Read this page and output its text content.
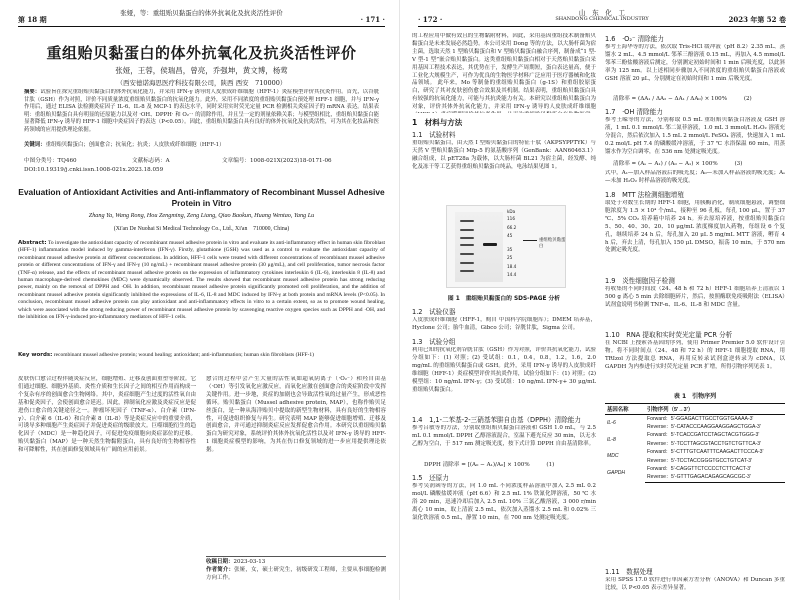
第 18 期
张娅，等：重组贻贝黏蛋白的体外抗氧化及抗炎活性评价
· 171 ·
重组贻贝黏蛋白的体外抗氧化及抗炎活性评价
张娅，王蓉，侯瑞昌，曾亮，乔强坤，黄文博，杨莺
（西安德诺海思医疗科技有限公司，陕西 西安　710000）
摘要：试验旨在探究重组贻贝黏蛋白的体外抗氧化能力，并采用 IFN-γ 诱导的人皮肤成纤维细胞（HFF-1）炎症模型评价其抗炎作用。首先，以谷胱甘肽（GSH）作为对照，评价不同质量浓度重组贻贝黏蛋白的抗氧化能力。此外，采用不同浓度的重组贻贝黏蛋白预处理 HFF-1 细胞，并与 IFN-γ 作用后，通过 ELISA 法检测炎症因子 IL-6、IL-8 及 MCP-1 的表达水平，同时采用实时荧光定量 PCR 检测相关炎症因子的 mRNA 表达。结果表明：重组贻贝黏蛋白具有明显的还原能力以及对 ·OH、DPPH· 和 O₂⁻· 的清除作用，并且呈一定的剂量依赖关系；与模型组相比，重组贻贝黏蛋白能显著降低 IFN-γ 诱导的 HFF-1 细胞中炎症因子的表达（P<0.05）。因此，重组贻贝黏蛋白具有良好的体外抗氧化及抗炎活性，可为其在化妆品和医药领域的应用提供理论依据。
关键词：重组贻贝黏蛋白；创面愈合；抗氧化；抗炎；人皮肤成纤维细胞（HFF-1）
中图分类号：TQ460	文献标志码：A	文章编号：1008-021X(2023)18-0171-06
DOI:10.19319/j.cnki.issn.1008-021x.2023.18.059
Evaluation of Antioxidant Activities and Anti-inflammatory of Recombinant Mussel Adhesive Protein in Vitro
Zhang Ya, Wang Rong, Hou Zengming, Zeng Liang, Qiao Baokun, Huang Wentao, Yang Lu
(Xi'an De Nuohai Si Medical Technology Co., Ltd., Xi'an　710000, China)
Abstract: To investigate the antioxidant capacity of recombinant mussel adhesive protein in vitro and evaluate its anti-inflammatory effect in human skin fibroblast (HFF-1) inflammation model induced by gamma-interferon (IFN-γ). Firstly, glutathione (GSH) was used as a control to evaluate the antioxidant capacity of recombinant mussel adhesive protein at different concentrations. In addition, HFF-1 cells were treated with different concentrations of recombinant mussel adhesive protein or different concentrations of IFN-γ and IFN-γ (10 ng/mL) + recombinant mussel adhesive protein (30 μg/mL), and cell proliferation, tumor necrosis factor (TNF-α) release, and the effects of recombinant mussel adhesive protein on the expression of inflammatory cytokines interleukin 6 (IL-6), interleukin 8 (IL-8) and human macrophage-derived chemokines (MDC) were dynamically observed. The results showed that recombinant mussel adhesive protein has strong reducing power, mainly on the removal of DPPH and ·OH. In addition, recombinant mussel adhesive protein significantly promoted cell proliferation, and the addition of recombinant mussel adhesive protein significantly inhibited the expressions of IL-6, IL-8 and MDC induced by IFN-γ at both protein and mRNA levels (P<0.05). In conclusion, recombinant mussel adhesive protein can play antioxidant and anti-inflammatory effects in vitro to a certain extent, so as to promote wound healing, which were associated with the strong reducing power of recombinant mussel adhesive protein by scavenging reactive oxygen species such as DPPH and ·OH, and the inhibition on IFN-γ-induced pro-inflammatory mediators of HFF-1 cells.
Key words: recombinant mussel adhesive protein; wound healing; antioxidant; anti-inflammation; human skin fibroblasts (HFF-1)
皮肤伤口愈合过程伴随炎症反应，细胞增殖、迁移及创面重塑等阶段。它们通过细胞、细胞外基质、炎性介质和生长因子之间的相互作用而构成一个复杂有序的创面愈合生物网络。其中，炎症细胞产生过度的活性氧自由基和促炎因子，会使创面愈合延迟。因此，抑制氧化应激及炎症反应是促进伤口愈合的关键途径之一。肿瘤坏死因子（TNF-α）、白介素（IFN-γ）、白介素 6（IL-6）和白介素 8（IL-8）等是炎症反应中的重要介质，可诱导多种细胞产生炎症因子并促进炎症的级联放大。巨噬细胞衍生的趋化因子（MDC）是一种趋化因子，可促进免疫细胞向炎症部位的迁移。贻贝黏蛋白（MAP）是一种天然生物黏附蛋白，具有良好的生物相容性和可降解性，其在创面修复领域具有广阔的应用前景。
愈合的过程中会产生大量的活性氧如超氧阴离子（·O₂⁻）和羟自由基（·OH）等引发氧化应激反应，而氧化应激在创面愈合的炎症阶段中发挥关键作用。进一步地，炎症的加剧也会导致活性氧的过量产生，形成恶性循环。贻贝黏蛋白（Mussel adhesive protein, MAP），也称作贻贝足丝蛋白，是一种从海洋贻贝中提取的新型生物材料，具有良好的生物相容性，可促进组织修复与再生。研究表明 MAP 能够促进细胞增殖、迁移及创面愈合，并可通过抑制炎症反应发挥促愈合作用。本研究以重组贻贝黏蛋白为研究对象，系统评价其体外抗氧化活性以及对 IFN-γ 诱导的 HFF-1 细胞炎症模型的影响，为其在伤口修复领域的进一步应用提供理论依据。
收稿日期：2023-03-13
作者简介：张娅，女，硕士研究生，初级研发工程师，主要从事细胞检测方向工作。
· 172 ·
山　东　化　工
SHANDONG CHEMICAL INDUSTRY	2023 年第 52 卷
的工程应用中做有效且的生物黏附材料，因此，采用基因重组技术制备贻贝黏蛋白是未来发展必然趋势。本公司采用 Dong 等的方法，以大肠杆菌为宿主菌，选取天然 1 型贻贝黏蛋白和 V 型贻贝黏蛋白融合序列，制备成“1 型-V 型-1 型”嵌合贻贝黏蛋白。这类重组贻贝黏蛋白相对于天然贻贝黏蛋白采用基因工程技术表达，其优势在于，发酵生产周期短，蛋白表达量高，便于工业化大规模生产，可作为优良的生物医学材料广泛应用于医疗器械和化妆品领域。 此年来，Mo 等制备的重组贻贝黏蛋白（g-1S）和重组胶原蛋白，研究了其对皮肤创伤愈合效果及其机制。结果表明，重组贻贝黏蛋白具有较强的抗氧化能力，可能与其抗炎能力有关。本研究以重组贻贝黏蛋白为对象，评价其体外抗氧化能力，并采用 IFN-γ 诱导的人皮肤成纤维细胞
1　材料与方法
1.1　试验材料
重组贻贝黏蛋白，由天然 I 型贻贝黏蛋白的特征十肽（AKPSYPPTYK）与天然 V 型贻贝黏蛋白 Mfp-5 的氨基酸序列（GenBank：AAN60463.1）融合组成，以 pET28a 为载体，以大肠杆菌 BL21 为宿主菌，经发酵、纯化及冻干等工艺获得重组贻贝黏蛋白纯品，电泳结果见图 1。
kDa
116
66.2
45
35
25
18.4
14.4
重组贻贝黏蛋白
图 1　重组贻贝黏蛋白的 SDS-PAGE 分析
1.2　试验仪器
人皮肤成纤维细胞（HFF-1，购自 中国科学院细胞库）；DMEM 培养基，Hyclone 公司；胎牛血清，Gibco 公司；谷胱甘肽，Sigma 公司。
1.3　试验分组
利用已知的抗氧化剂谷胱甘肽（GSH）作为对照，评价其抗氧化能力，试验分组如下：(1) 对照；(2) 受试组：0.1，0.4，0.8，1.2，1.6，2.0 mg/mL 的重组贻贝黏蛋白或 GSH。此外，采用 IFN-γ 诱导的人皮肤成纤维细胞（HFF-1）炎症模型评价其抗炎作用，试验分组如下：(1) 对照；(2) 模型组：10 ng/mL IFN-γ；(3) 受试组：10 ng/mL IFN-γ+ 30 μg/mL 重组贻贝黏蛋白。
1.4　1,1-二苯基-2-三硝基苯肼自由基（DPPH）清除能力
参考吕敏等的方法，分别取重组贻贝黏蛋白溶液和 GSH 1.0 mL，与 2.5 mL 0.1 mmol/L DPPH 乙醇溶液混合，室温下避光反应 30 min，以无水乙醇为空白，于 517 nm 测定吸光度，按下式计算 DPPH 自由基清除率。
DPPH 清除率 = [(A₀ − A₁)/A₀] × 100%　　　(1)
1.5　还原力
参考吴润函等的方法，向 1.0 mL 不同浓度样品溶液中加入 2.5 mL 0.2 mol/L 磷酸盐缓冲液（pH 6.6）和 2.5 mL 1% 铁氰化钾溶液，50 ℃ 水浴 20 min，迅速冷却后加入 2.5 mL 10% 三氯乙酸溶液，3 000 r/min 离心 10 min，取上清液 2.5 mL，依次加入蒸馏水 2.5 mL 和 0.02% 三氯化铁溶液 0.5 mL，静置 10 min，在 700 nm 处测定吸光度。
1.6　·O₂⁻ 清除能力
参考王海华等的方法，依次取 Tris-HCl 缓冲液（pH 8.2）2.35 mL、蒸馏水 2 mL、4.5 mmol/L 邻苯三酚溶液 0.15 mL，再加入 4.5 mmol/L 邻苯三酚盐酸溶液后测定，分别测定初始时间和 1 min 后吸光度，以此斜率为 125 nm。以上述相同步骤加入不同浓度的重组贻贝黏蛋白溶液或 GSH 溶液 20 μL，分别测定在初始时间和 1 min 后吸光度。
清除率 = (ΔA₁ / ΔA₂ − ΔA₁ / ΔA₀) × 100%　　　(2)
1.7　·OH 清除能力
参考王嵘等的方法，分别称取 0.5 mL 重组贻贝黏蛋白溶液及 GSH 溶液，1 mL 0.1 mmol/L 邻二氮菲溶液，1.0 mL 3 mmol/L H₂O₂ 溶液充分混合，然后依次加入 1.5 mL 2 mmol/L FeSO₄ 溶液，快速加入 1 mL 0.2 mol/L pH 7.4 的磷酸缓冲溶液，于 37 ℃ 水浴保温 60 min，用蒸馏水作为空白调零，在 536 nm 处测定吸光度。
清除率 = (Aₛ − A₁) / (A₀ − A₁) × 100%　　　(3)
式中，A₁—加入样品溶液后的吸光度；A₀—未加入样品溶液的吸光度；Aₛ—未加 H₂O₂ 时样品溶液的吸光度。
1.8　MTT 法检测细胞增殖
取处于对数生长期的 HFF-1 细胞，用胰酶消化，制成细胞悬液，调整细胞浓度为 1.5 × 10⁴ 个/mL，接种至 96 孔板，每孔 100 μL，置于 37 ℃、5% CO₂ 培养箱中培养 24 h。弃去原培养液，按重组贻贝黏蛋白 5、50、40、30、20、10 μg/mL 浓度梯度加入药物，每组设 6 个复孔，继续培养 24 h 后，每孔加入 20 μL 5 mg/mL MTT 溶液，孵育 4 h 后，弃去上清，每孔加入 150 μL DMSO，振荡 10 min，于 570 nm 处测定吸光度。
1.9　炎性细胞因子检测
将收集的不同时间段（24、48 h 和 72 h）HFF-1 细胞培养上清液以 1 500 g 离心 5 min 去除细胞碎片，然后，按照酶联免疫吸附法（ELISA）试剂盒说明书检测 TNF-α、IL-6、IL-8 和 MDC 含量。
1.10　RNA 提取和实时荧光定量 PCR 分析
在 NCBI 上搜索各基因的序列，使用 Primer Premier 5.0 软件设计引物。将不同时间点（24、48 和 72 h）的 HFF-1 细胞提取 RNA，用 TRIzol 方法提取总 RNA，再用反转录试剂盒逆转录为 cDNA，以 GAPDH 为内参进行实时荧光定量 PCR 扩增，所得引物序列见表 1。
表 1　引物序列
基因名称	引物序列（5'→3'）
IL-6	Forward：5'-GGAGACTTGCCTGGTGAAAA-3'
	Reverse：5'-CATACCCAAGGAAGGAGCTGGA-3'
IL-8	Forward：5'-TCACCGATCCTAGCTACGTGGG-3'
	Reverse：5'-TCCTTAGCGTACCTGTCTGTTCA-3'
MDC	Forward：5'-CTTTGTCAATTTCAAGACTTCCCA-3'
	Reverse：5'-TCCTACCGGGTGCCTGTCAT-3'
GAPDH	Forward：5'-CAGGTTCTCCCCTCTTCACT-3'
	Reverse：5'-GTTTGAGACAGAGCAGCGC-3'
1.11　数据处理
采用 SPSS 17.0 软件进行单因素方差分析（ANOVA）和 Duncan 多重比较，以 P<0.05 表示差异显著。
